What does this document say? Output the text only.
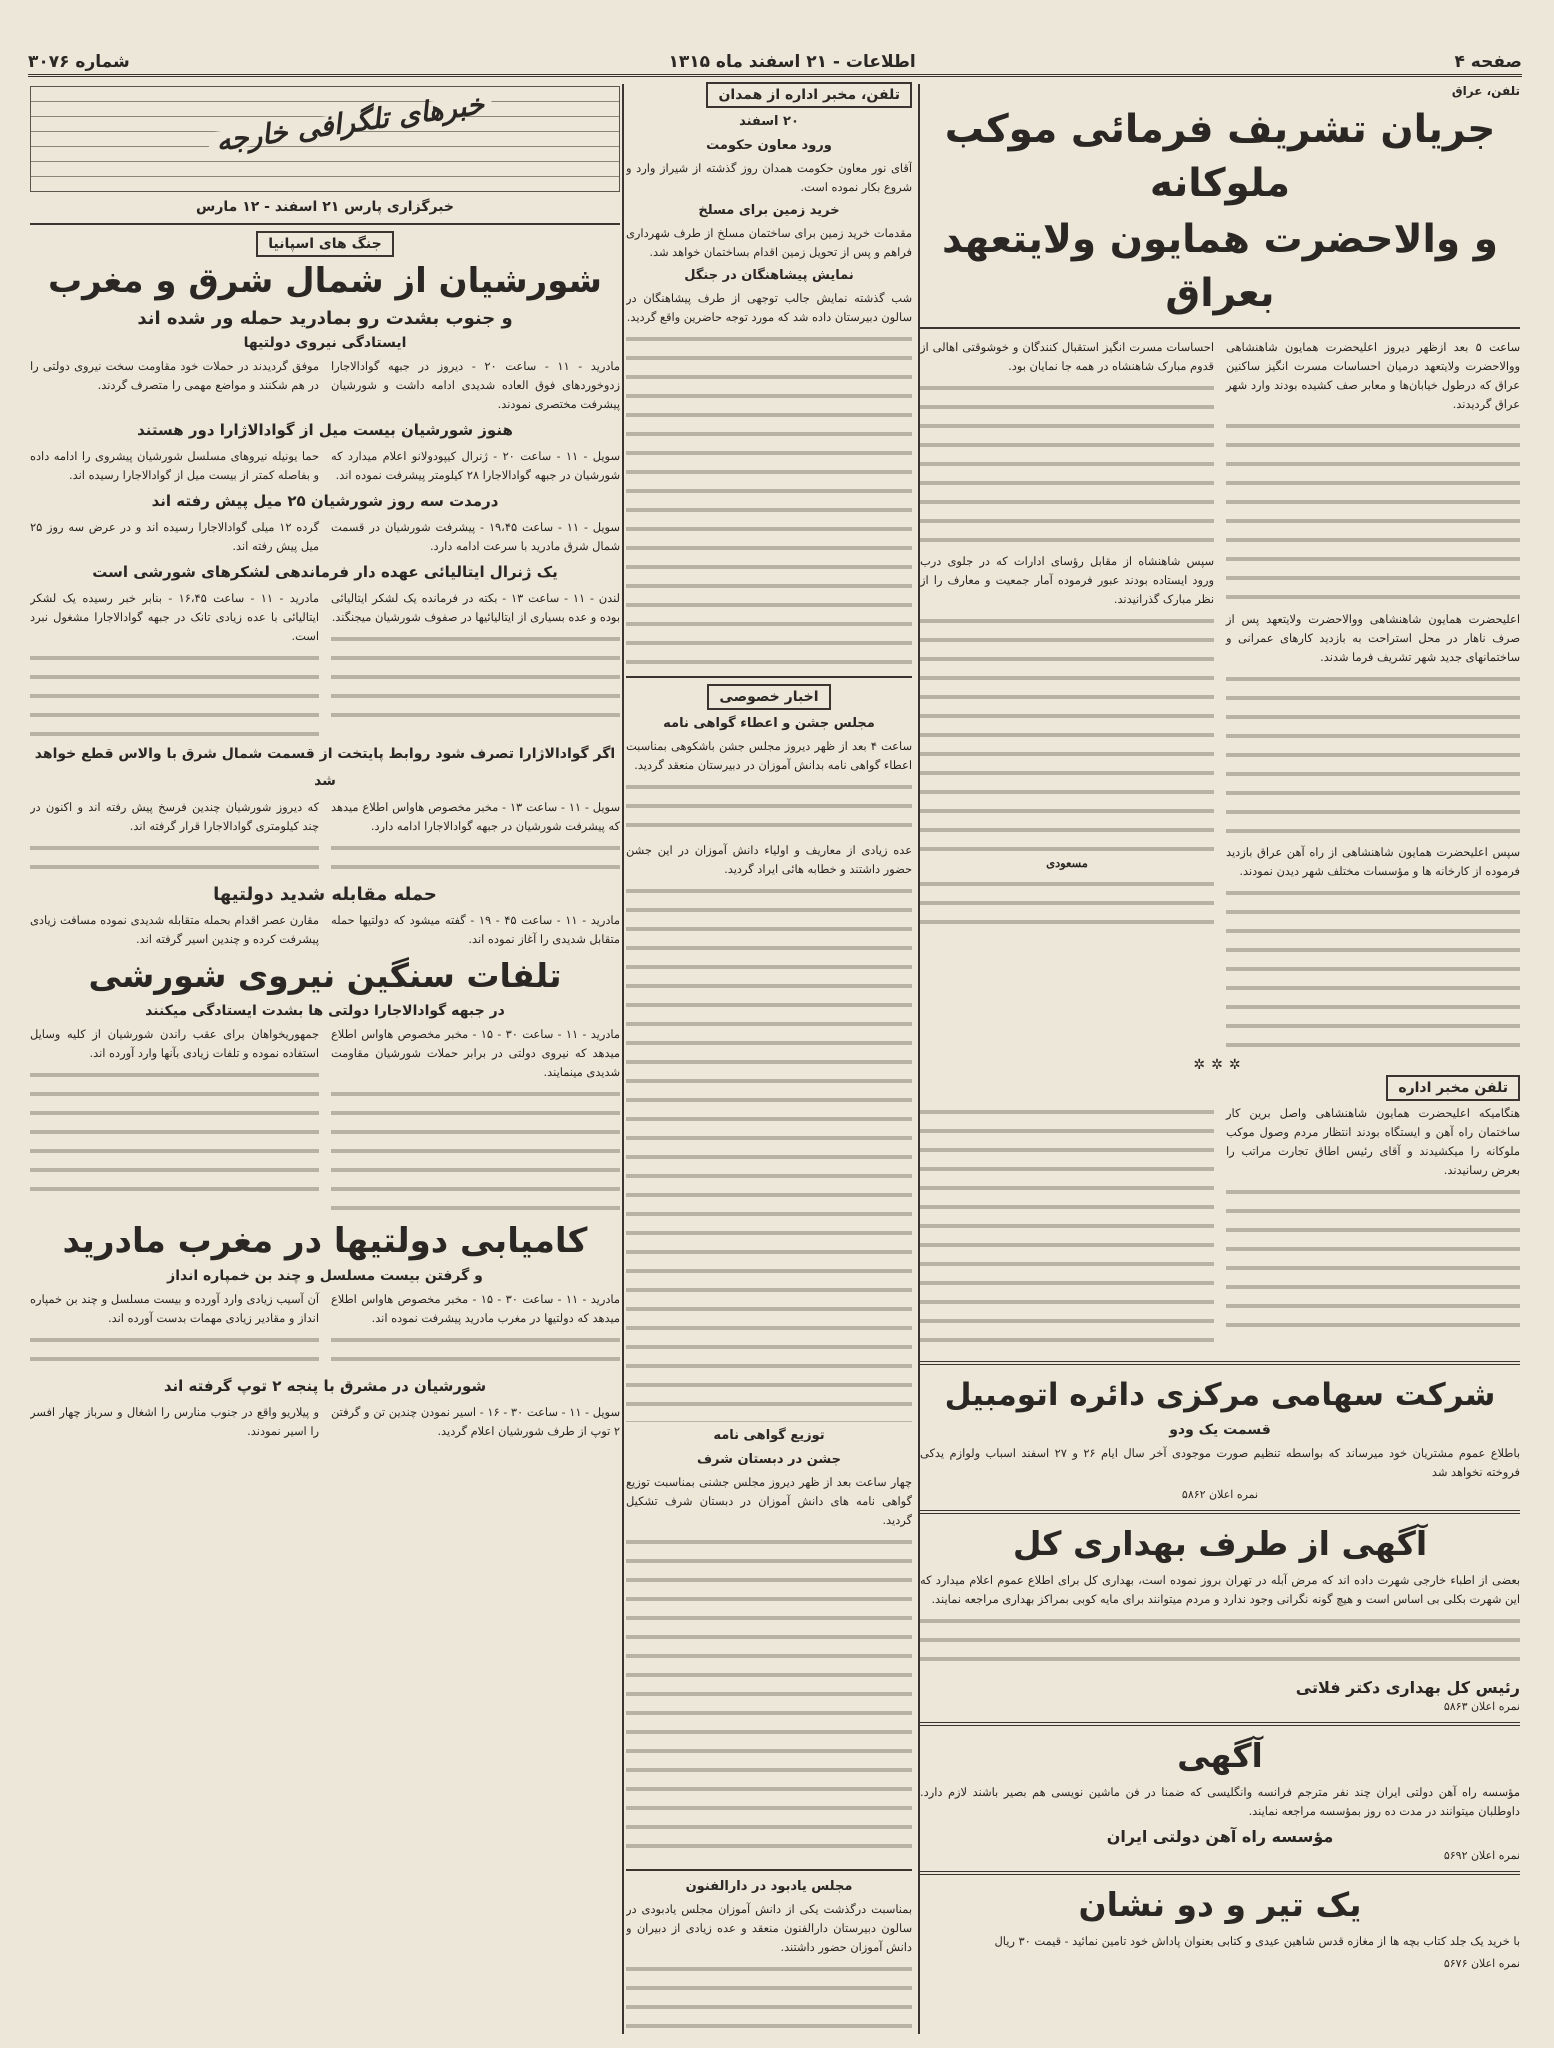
صفحه ۴
اطلاعات - ۲۱ اسفند ماه ۱۳۱۵
شماره ۳۰۷۶
تلفن، عراق
جریان تشریف فرمائی موکب ملوکانه
و والاحضرت همایون ولایتعهد بعراق

ساعت ۵ بعد ازظهر دیروز اعلیحضرت همایون شاهنشاهی ووالاحضرت ولایتعهد درمیان احساسات مسرت انگیز ساکنین عراق که درطول خیابان‌ها و معابر صف کشیده بودند وارد شهر عراق گردیدند.

اعلیحضرت همایون شاهنشاهی ووالاحضرت ولایتعهد پس از صرف ناهار در محل استراحت به بازدید کارهای عمرانی و ساختمانهای جدید شهر تشریف فرما شدند.

سپس اعلیحضرت همایون شاهنشاهی از راه آهن عراق بازدید فرموده از کارخانه ها و مؤسسات مختلف شهر دیدن نمودند.

احساسات مسرت انگیز استقبال کنندگان و خوشوقتی اهالی از قدوم مبارک شاهنشاه در همه جا نمایان بود.

سپس شاهنشاه از مقابل رؤسای ادارات که در جلوی درب ورود ایستاده بودند عبور فرموده آمار جمعیت و معارف را از نظر مبارک گذرانیدند.

مسعودی
✲✲✲
تلفن مخبر اداره

هنگامیکه اعلیحضرت همایون شاهنشاهی واصل برین کار ساختمان راه آهن و ایستگاه بودند انتظار مردم وصول موکب ملوکانه را میکشیدند و آقای رئیس اطاق تجارت مراتب را بعرض رسانیدند.

شرکت سهامی مرکزی دائره اتومبیل
قسمت یک ودو

باطلاع عموم مشتریان خود میرساند که بواسطه تنظیم صورت موجودی آخر سال ایام ۲۶ و ۲۷ اسفند اسباب ولوازم یدکی فروخته نخواهد شد

نمره اعلان ۵۸۶۲
آگهی از طرف بهداری کل

بعضی از اطباء خارجی شهرت داده اند که مرض آبله در تهران بروز نموده است، بهداری کل برای اطلاع عموم اعلام میدارد که این شهرت بکلی بی اساس است و هیچ گونه نگرانی وجود ندارد و مردم میتوانند برای مایه کوبی بمراکز بهداری مراجعه نمایند.

رئیس کل بهداری دکتر فلاتی
نمره اعلان ۵۸۶۳
آگهی

مؤسسه راه آهن دولتی ایران چند نفر مترجم فرانسه وانگلیسی که ضمنا در فن ماشین نویسی هم بصیر باشند لازم دارد. داوطلبان میتوانند در مدت ده روز بمؤسسه مراجعه نمایند.

مؤسسه راه آهن دولتی ایران
نمره اعلان ۵۶۹۲
یک تیر و دو نشان

با خرید یک جلد کتاب بچه ها از مغازه قدس شاهین عیدی و کتابی بعنوان پاداش خود تامین نمائید - قیمت ۳۰ ریال

نمره اعلان ۵۶۷۶
تلفن، مخبر اداره از همدان
۲۰ اسفند
ورود معاون حکومت

آقای نور معاون حکومت همدان روز گذشته از شیراز وارد و شروع بکار نموده است.

خرید زمین برای مسلخ

مقدمات خرید زمین برای ساختمان مسلخ از طرف شهرداری فراهم و پس از تحویل زمین اقدام بساختمان خواهد شد.

نمایش پیشاهنگان در جنگل

شب گذشته نمایش جالب توجهی از طرف پیشاهنگان در سالون دبیرستان داده شد که مورد توجه حاضرین واقع گردید.

اخبار خصوصی
مجلس جشن و اعطاء گواهی نامه

ساعت ۴ بعد از ظهر دیروز مجلس جشن باشکوهی بمناسبت اعطاء گواهی نامه بدانش آموزان در دبیرستان منعقد گردید.

عده زیادی از معاریف و اولیاء دانش آموزان در این جشن حضور داشتند و خطابه هائی ایراد گردید.

توزیع گواهی نامه
جشن در دبستان شرف

چهار ساعت بعد از ظهر دیروز مجلس جشنی بمناسبت توزیع گواهی نامه های دانش آموزان در دبستان شرف تشکیل گردید.

مجلس یادبود در دارالفنون

بمناسبت درگذشت یکی از دانش آموزان مجلس یادبودی در سالون دبیرستان دارالفنون منعقد و عده زیادی از دبیران و دانش آموزان حضور داشتند.

خبرهای تلگرافی خارجه
خبرگزاری پارس ۲۱ اسفند - ۱۲ مارس
جنگ های اسپانیا
شورشیان از شمال شرق و مغرب
و جنوب بشدت رو بمادرید حمله ور شده اند
ایستادگی نیروی دولتیها

مادرید - ۱۱ - ساعت ۲۰ - دیروز در جبهه گوادالاجارا زدوخوردهای فوق العاده شدیدی ادامه داشت و شورشیان پیشرفت مختصری نمودند.

موفق گردیدند در حملات خود مقاومت سخت نیروی دولتی را در هم شکنند و مواضع مهمی را متصرف گردند.

هنوز شورشیان بیست میل از گوادالاژارا دور هستند

سویل - ۱۱ - ساعت ۲۰ - ژنرال کیپودولانو اعلام میدارد که شورشیان در جبهه گوادالاجارا ۲۸ کیلومتر پیشرفت نموده اند.

حما یونیله نیروهای مسلسل شورشیان پیشروی را ادامه داده و بفاصله کمتر از بیست میل از گوادالاجارا رسیده اند.

درمدت سه روز شورشیان ۲۵ میل پیش رفته اند

سویل - ۱۱ - ساعت ۱۹،۴۵ - پیشرفت شورشیان در قسمت شمال شرق مادرید با سرعت ادامه دارد.

گرده ۱۲ میلی گوادالاجارا رسیده اند و در عرض سه روز ۲۵ میل پیش رفته اند.

یک ژنرال ایتالیائی عهده دار فرماندهی لشکرهای شورشی است

لندن - ۱۱ - ساعت ۱۳ - بکته در فرمانده یک لشکر ایتالیائی بوده و عده بسیاری از ایتالیائیها در صفوف شورشیان میجنگند.

مادرید - ۱۱ - ساعت ۱۶،۴۵ - بنابر خبر رسیده یک لشکر ایتالیائی با عده زیادی تانک در جبهه گوادالاجارا مشغول نبرد است.

اگر گوادالاژارا تصرف شود روابط پایتخت از قسمت شمال شرق با والاس قطع خواهد شد

سویل - ۱۱ - ساعت ۱۳ - مخبر مخصوص هاواس اطلاع میدهد که پیشرفت شورشیان در جبهه گوادالاجارا ادامه دارد.

که دیروز شورشیان چندین فرسخ پیش رفته اند و اکنون در چند کیلومتری گوادالاجارا قرار گرفته اند.

حمله مقابله شدید دولتیها

مادرید - ۱۱ - ساعت ۴۵ - ۱۹ - گفته میشود که دولتیها حمله متقابل شدیدی را آغاز نموده اند.

مقارن عصر اقدام بحمله متقابله شدیدی نموده مسافت زیادی پیشرفت کرده و چندین اسیر گرفته اند.

تلفات سنگین نیروی شورشی
در جبهه گوادالاجارا دولتی ها بشدت ایستادگی میکنند

مادرید - ۱۱ - ساعت ۳۰ - ۱۵ - مخبر مخصوص هاواس اطلاع میدهد که نیروی دولتی در برابر حملات شورشیان مقاومت شدیدی مینمایند.

جمهوریخواهان برای عقب راندن شورشیان از کلیه وسایل استفاده نموده و تلفات زیادی بآنها وارد آورده اند.

کامیابی دولتیها در مغرب مادرید
و گرفتن بیست مسلسل و چند بن خمپاره انداز

مادرید - ۱۱ - ساعت ۳۰ - ۱۵ - مخبر مخصوص هاواس اطلاع میدهد که دولتیها در مغرب مادرید پیشرفت نموده اند.

آن آسیب زیادی وارد آورده و بیست مسلسل و چند بن خمپاره انداز و مقادیر زیادی مهمات بدست آورده اند.

شورشیان در مشرق با پنجه ۲ توپ گرفته اند

سویل - ۱۱ - ساعت ۳۰ - ۱۶ - اسیر نمودن چندین تن و گرفتن ۲ توپ از طرف شورشیان اعلام گردید.

و پیلاریو واقع در جنوب منارس را اشغال و سرباز چهار افسر را اسیر نمودند.
